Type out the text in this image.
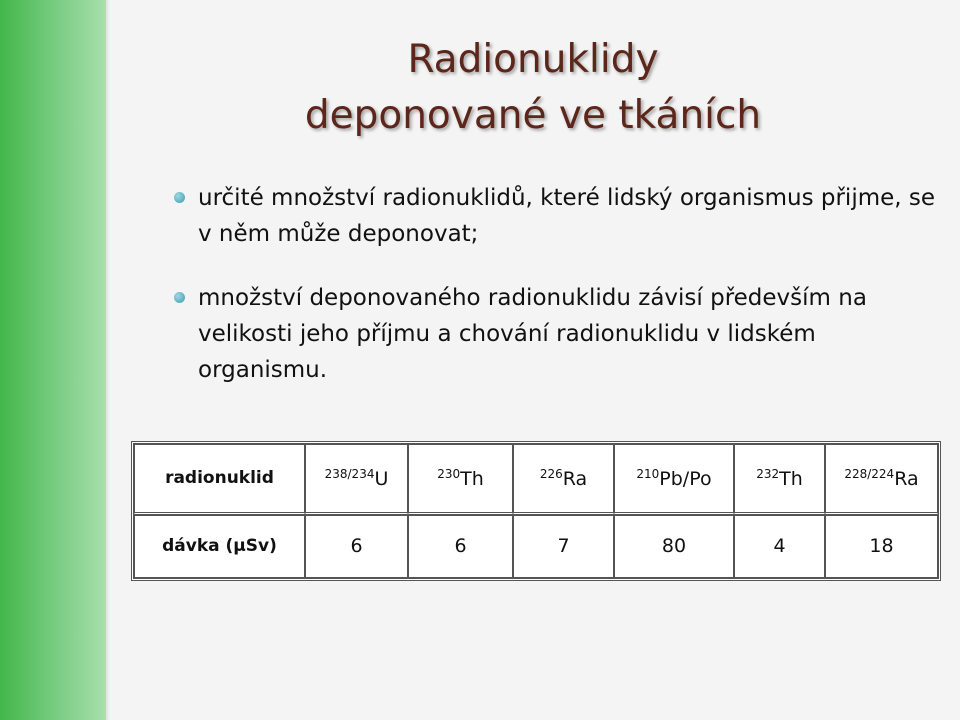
Radionuklidy
deponované ve tkáních
určité množství radionuklidů, které lidský organismus přijme, se v něm může deponovat;
množství deponovaného radionuklidu závisí především na velikosti jeho příjmu a chování radionuklidu v lidském organismu.
radionuklid	$^{238/234}$U	$^{230}$Th	$^{226}$Ra	$^{210}$Pb/Po	$^{232}$Th	$^{228/224}$Ra
dávka (μSv)	6	6	7	80	4	18
